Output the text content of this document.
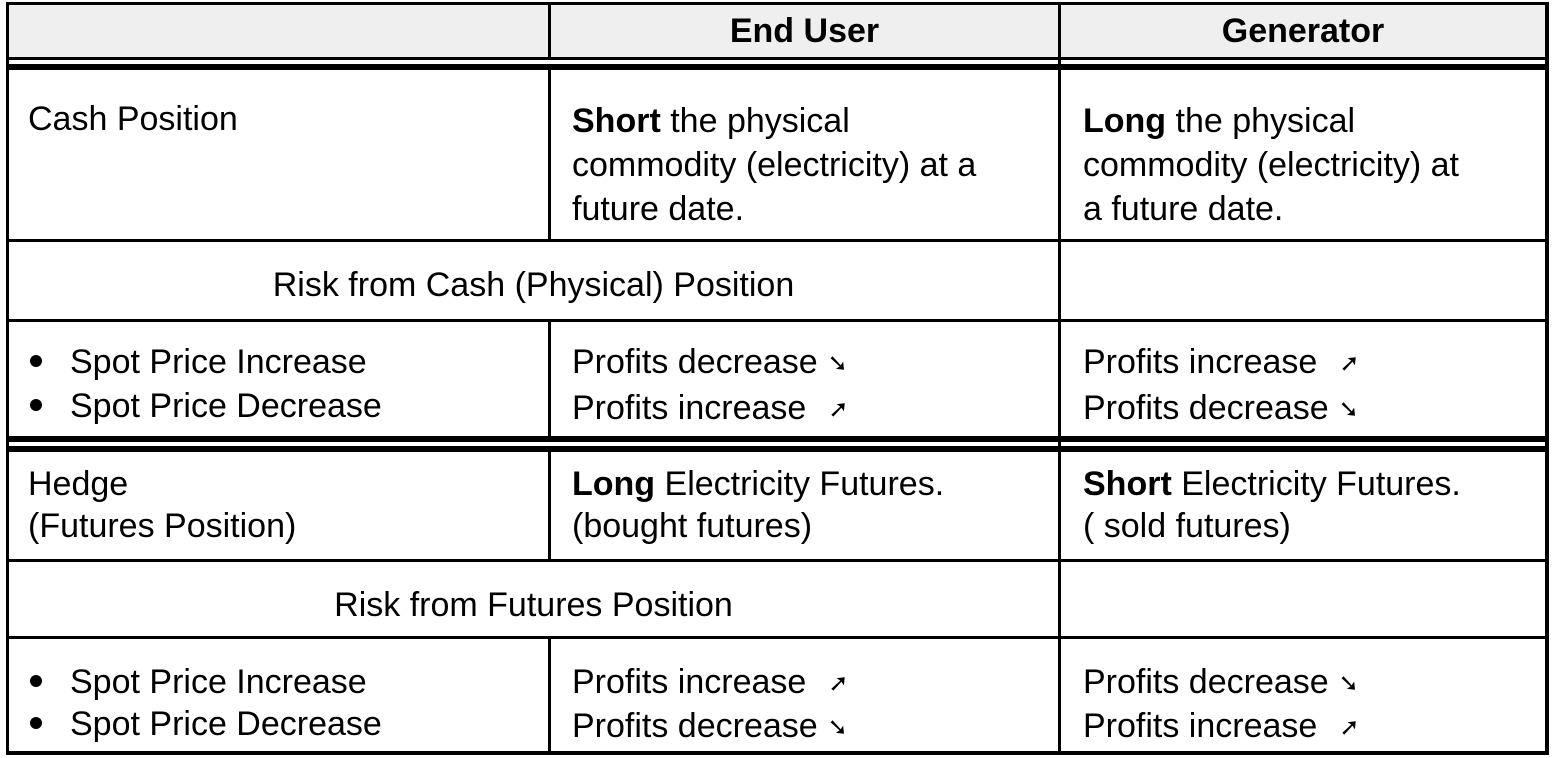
End User	Generator
Cash Position	Short the physical
commodity (electricity) at a
future date.
Long the physical
commodity (electricity) at
a future date.
Risk from Cash (Physical) Position
Spot Price Increase
Spot Price Decrease
Profits decrease ➘
Profits increase ➚
Profits increase ➚
Profits decrease ➘
Hedge
(Futures Position)
Long Electricity Futures.
(bought futures)
Short Electricity Futures.
( sold futures)
Risk from Futures Position
Spot Price Increase
Spot Price Decrease
Profits increase ➚
Profits decrease ➘
Profits decrease ➘
Profits increase ➚
